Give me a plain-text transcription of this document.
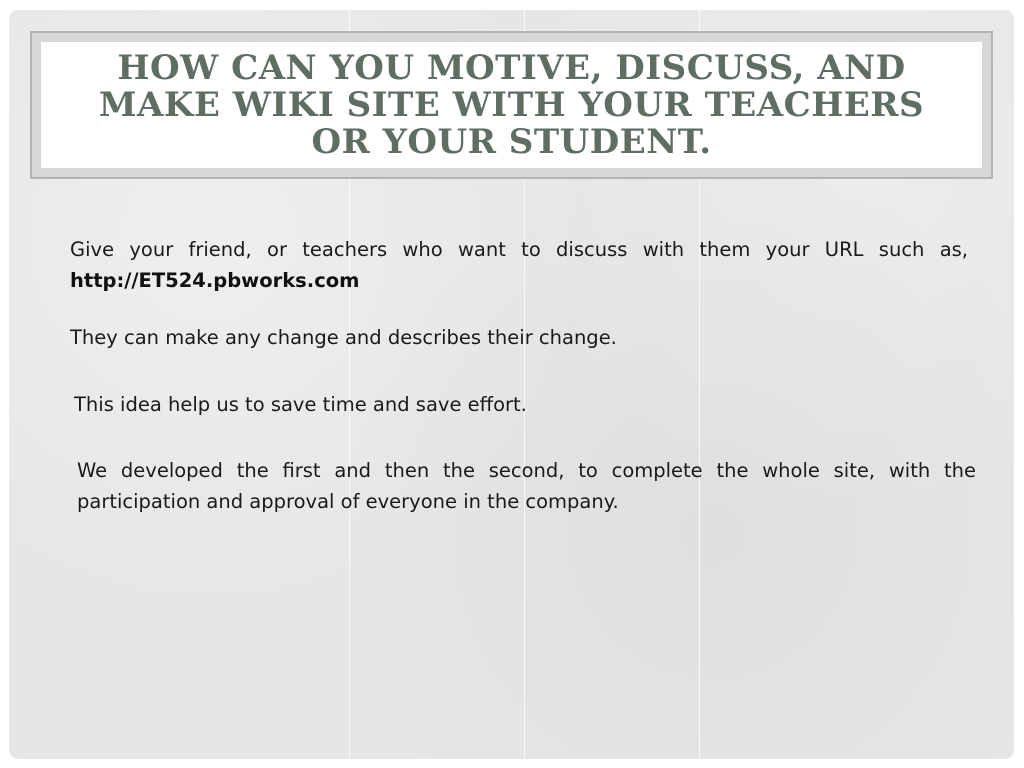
HOW CAN YOU MOTIVE, DISCUSS, AND MAKE WIKI SITE WITH YOUR TEACHERS OR YOUR STUDENT.

Give your friend, or teachers who want to discuss with them your URL such as, http://ET524.pbworks.com

They can make any change and describes their change.

This idea help us to save time and save effort.

We developed the first and then the second, to complete the whole site, with the participation and approval of everyone in the company.
